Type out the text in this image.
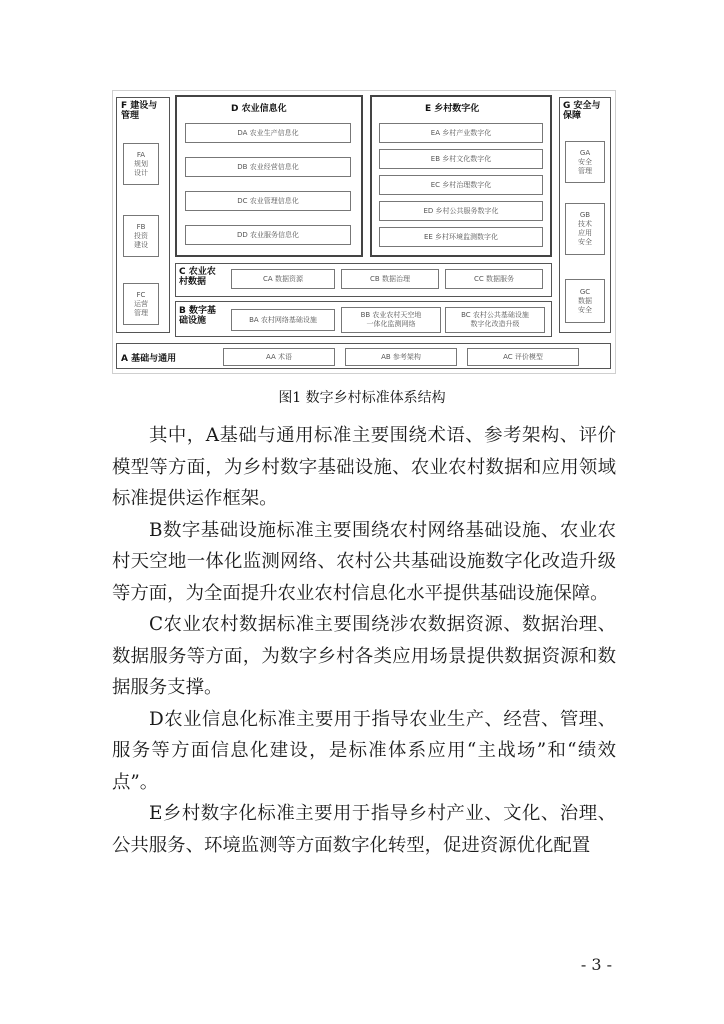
F 建设与
管理
FA
规划
设计
FB
投资
建设
FC
运营
管理
D 农业信息化
DA 农业生产信息化
DB 农业经营信息化
DC 农业管理信息化
DD 农业服务信息化
E 乡村数字化
EA 乡村产业数字化
EB 乡村文化数字化
EC 乡村治理数字化
ED 乡村公共服务数字化
EE 乡村环境监测数字化
G 安全与
保障
GA
安全
管理
GB
技术
应用
安全
GC
数据
安全
C 农业农
村数据	CA 数据资源	CB 数据治理	CC 数据服务
B 数字基
础设施	BA 农村网络基础设施
BB 农业农村天空地
一体化监测网络
BC 农村公共基础设施
数字化改造升级
A 基础与通用	AA 术语	AB 参考架构	AC 评价模型
图1 数字乡村标准体系结构

其中，A基础与通用标准主要围绕术语、参考架构、评价模型等方面，为乡村数字基础设施、农业农村数据和应用领域标准提供运作框架。

B数字基础设施标准主要围绕农村网络基础设施、农业农村天空地一体化监测网络、农村公共基础设施数字化改造升级等方面，为全面提升农业农村信息化水平提供基础设施保障。

C农业农村数据标准主要围绕涉农数据资源、数据治理、数据服务等方面，为数字乡村各类应用场景提供数据资源和数据服务支撑。

D农业信息化标准主要用于指导农业生产、经营、管理、服务等方面信息化建设，是标准体系应用“主战场”和“绩效点”。

E乡村数字化标准主要用于指导乡村产业、文化、治理、公共服务、环境监测等方面数字化转型，促进资源优化配置

- 3 -
